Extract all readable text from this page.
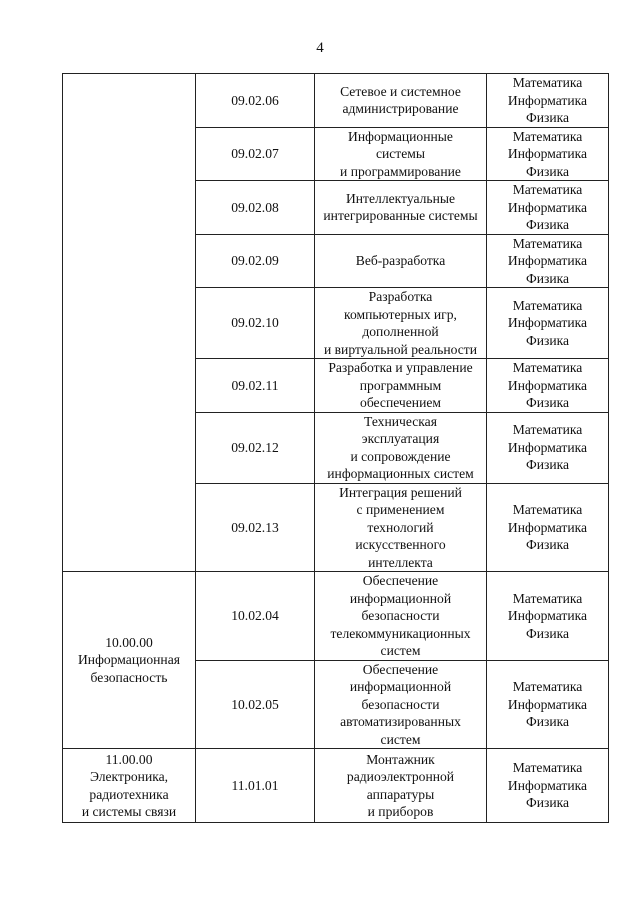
4
	09.02.06	Сетевое и системное
администрирование	Математика
Информатика
Физика
	09.02.07	Информационные
системы
и программирование	Математика
Информатика
Физика
	09.02.08	Интеллектуальные
интегрированные системы	Математика
Информатика
Физика
	09.02.09	Веб-разработка	Математика
Информатика
Физика
	09.02.10	Разработка
компьютерных игр,
дополненной
и виртуальной реальности	Математика
Информатика
Физика
	09.02.11	Разработка и управление
программным
обеспечением	Математика
Информатика
Физика
	09.02.12	Техническая
эксплуатация
и сопровождение
информационных систем	Математика
Информатика
Физика
	09.02.13	Интеграция решений
с применением
технологий
искусственного
интеллекта	Математика
Информатика
Физика
10.00.00
Информационная
безопасность	10.02.04	Обеспечение
информационной
безопасности
телекоммуникационных
систем	Математика
Информатика
Физика
	10.02.05	Обеспечение
информационной
безопасности
автоматизированных
систем	Математика
Информатика
Физика
11.00.00
Электроника,
радиотехника
и системы связи	11.01.01	Монтажник
радиоэлектронной
аппаратуры
и приборов	Математика
Информатика
Физика
